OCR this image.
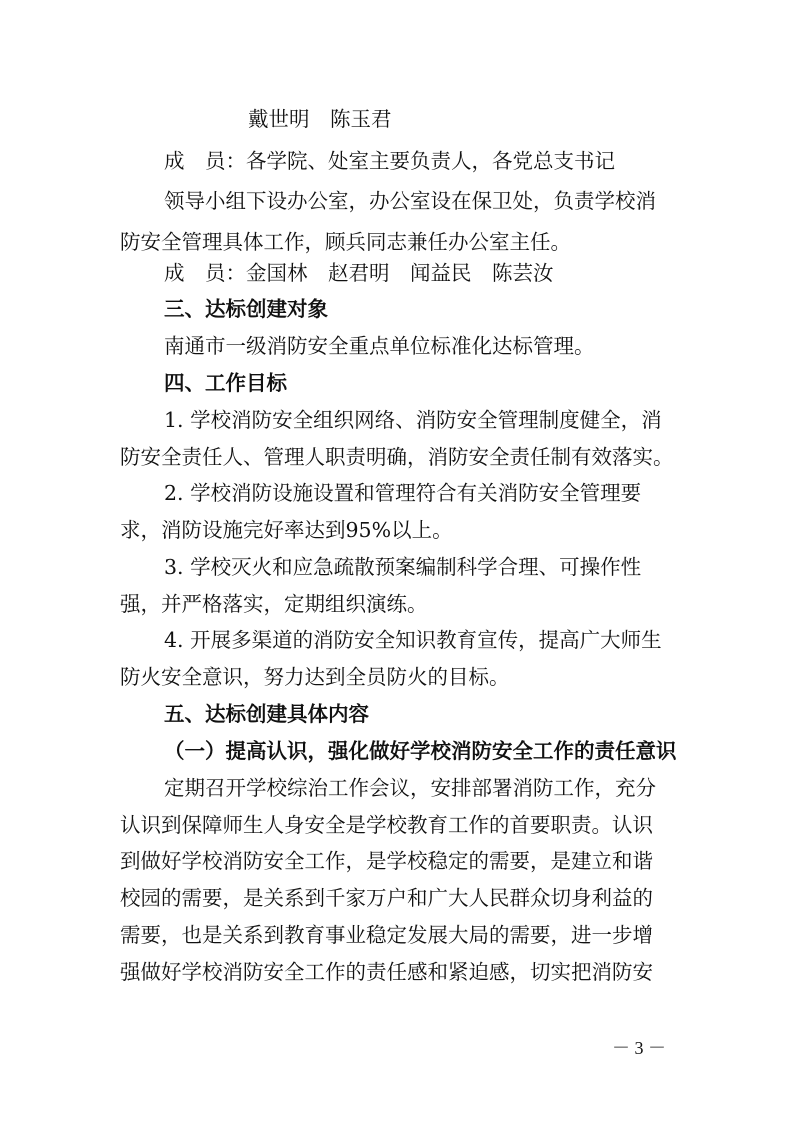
戴世明　陈玉君
成　员：各学院、处室主要负责人，各党总支书记
领导小组下设办公室，办公室设在保卫处，负责学校消
防安全管理具体工作，顾兵同志兼任办公室主任。
成　员：金国林　赵君明　闻益民　陈芸汝
三、达标创建对象
南通市一级消防安全重点单位标准化达标管理。
四、工作目标
1. 学校消防安全组织网络、消防安全管理制度健全，消
防安全责任人、管理人职责明确，消防安全责任制有效落实。
2. 学校消防设施设置和管理符合有关消防安全管理要
求，消防设施完好率达到95%以上。
3. 学校灭火和应急疏散预案编制科学合理、可操作性
强，并严格落实，定期组织演练。
4. 开展多渠道的消防安全知识教育宣传，提高广大师生
防火安全意识，努力达到全员防火的目标。
五、达标创建具体内容
（一）提高认识，强化做好学校消防安全工作的责任意识
定期召开学校综治工作会议，安排部署消防工作，充分
认识到保障师生人身安全是学校教育工作的首要职责。认识
到做好学校消防安全工作，是学校稳定的需要，是建立和谐
校园的需要，是关系到千家万户和广大人民群众切身利益的
需要，也是关系到教育事业稳定发展大局的需要，进一步增
强做好学校消防安全工作的责任感和紧迫感，切实把消防安
－ 3 －
